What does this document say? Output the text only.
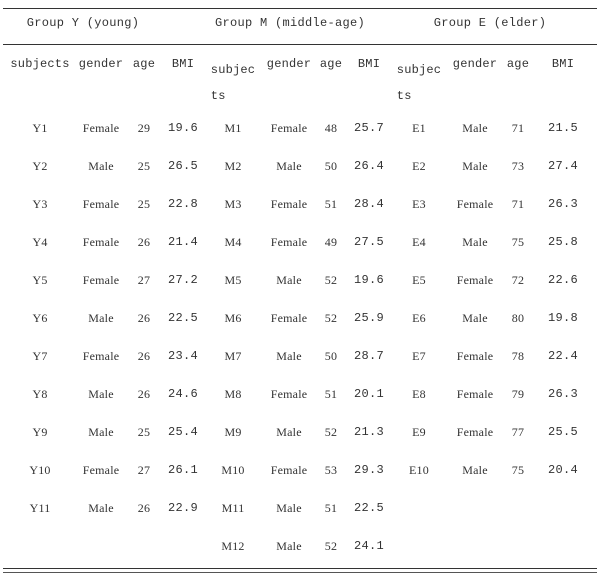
Group Y (young)
subjects gender age BMI
Y1	Female 29 19.6
Y2	Male 25 26.5
Y3	Female 25 22.8
Y4	Female 26 21.4
Y5	Female 27 27.2
Y6	Male 26 22.5
Y7	Female 26 23.4
Y8	Male 26 24.6
Y9	Male 25 25.4
Y10	Female 27 26.1
Y11	Male 26 22.9
Group M (middle-age)
subjec
ts
gender age BMI
M1 Female 48 25.7
M2	Male 50 26.4
M3 Female 51 28.4
M4 Female 49 27.5
M5	Male 52 19.6
M6 Female 52 25.9
M7	Male 50 28.7
M8 Female 51 20.1
M9	Male 52 21.3
M10 Female 53 29.3
M11	Male 51 22.5
M12	Male 52 24.1
Group E (elder)
subjec
ts
gender age BMI
E1	Male 71 21.5
E2	Male 73 27.4
E3	Female 71 26.3
E4	Male 75 25.8
E5	Female 72 22.6
E6	Male 80 19.8
E7	Female 78 22.4
E8	Female 79 26.3
E9	Female 77 25.5
E10	Male 75 20.4
